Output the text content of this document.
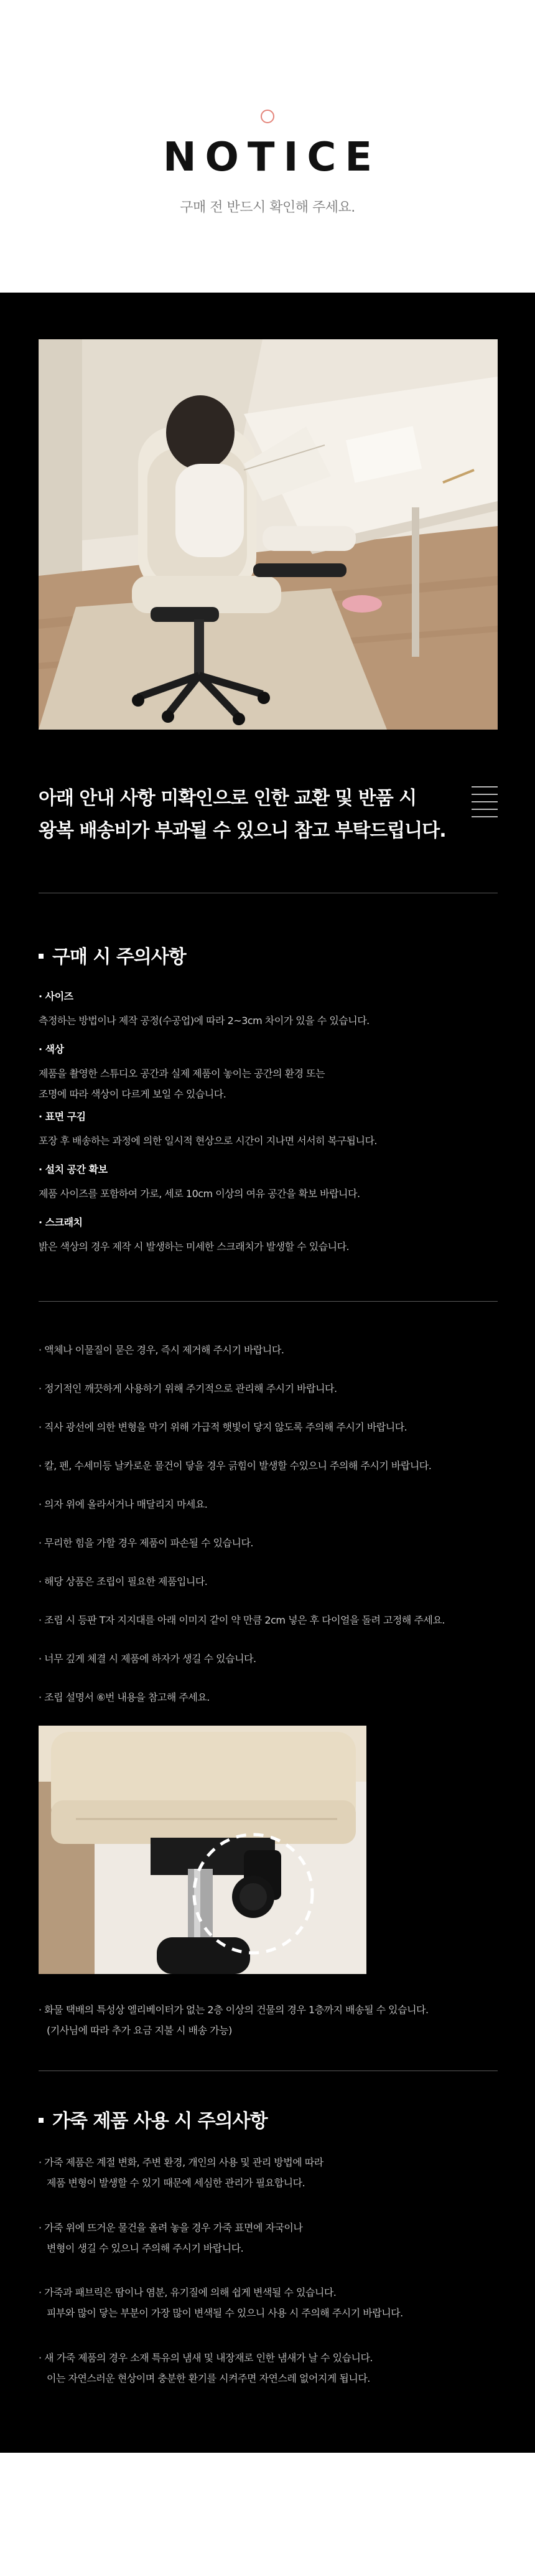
NOTICE
구매 전 반드시 확인해 주세요.
아래 안내 사항 미확인으로 인한 교환 및 반품 시
왕복 배송비가 부과될 수 있으니 참고 부탁드립니다.
구매 시 주의사항
· 사이즈
측정하는 방법이나 제작 공정(수공업)에 따라 2~3cm 차이가 있을 수 있습니다.
· 색상
제품을 촬영한 스튜디오 공간과 실제 제품이 놓이는 공간의 환경 또는
조명에 따라 색상이 다르게 보일 수 있습니다.
· 표면 구김
포장 후 배송하는 과정에 의한 일시적 현상으로 시간이 지나면 서서히 복구됩니다.
· 설치 공간 확보
제품 사이즈를 포함하여 가로, 세로 10cm 이상의 여유 공간을 확보 바랍니다.
· 스크래치
밝은 색상의 경우 제작 시 발생하는 미세한 스크래치가 발생할 수 있습니다.
· 액체나 이물질이 묻은 경우, 즉시 제거해 주시기 바랍니다.
· 정기적인 깨끗하게 사용하기 위해 주기적으로 관리해 주시기 바랍니다.
· 직사 광선에 의한 변형을 막기 위해 가급적 햇빛이 닿지 않도록 주의해 주시기 바랍니다.
· 칼, 펜, 수세미등 날카로운 물건이 닿을 경우 긁힘이 발생할 수있으니 주의해 주시기 바랍니다.
· 의자 위에 올라서거나 매달리지 마세요.
· 무리한 힘을 가할 경우 제품이 파손될 수 있습니다.
· 해당 상품은 조립이 필요한 제품입니다.
· 조립 시 등판 T자 지지대를 아래 이미지 같이 약 만큼 2cm 넣은 후 다이얼을 돌려 고정해 주세요.
· 너무 깊게 체결 시 제품에 하자가 생길 수 있습니다.
· 조립 설명서 ⑥번 내용을 참고해 주세요.
· 화물 택배의 특성상 엘리베이터가 없는 2층 이상의 건물의 경우 1층까지 배송될 수 있습니다.
(기사님에 따라 추가 요금 지불 시 배송 가능)
가죽 제품 사용 시 주의사항
· 가죽 제품은 계절 변화, 주변 환경, 개인의 사용 및 관리 방법에 따라
제품 변형이 발생할 수 있기 때문에 세심한 관리가 필요합니다.
· 가죽 위에 뜨거운 물건을 올려 놓을 경우 가죽 표면에 자국이나
변형이 생길 수 있으니 주의해 주시기 바랍니다.
· 가죽과 패브릭은 땀이나 염분, 유기질에 의해 쉽게 변색될 수 있습니다.
피부와 많이 닿는 부분이 가장 많이 변색될 수 있으니 사용 시 주의해 주시기 바랍니다.
· 새 가죽 제품의 경우 소재 특유의 냄새 및 내장재로 인한 냄새가 날 수 있습니다.
이는 자연스러운 현상이며 충분한 환기를 시켜주면 자연스레 없어지게 됩니다.
